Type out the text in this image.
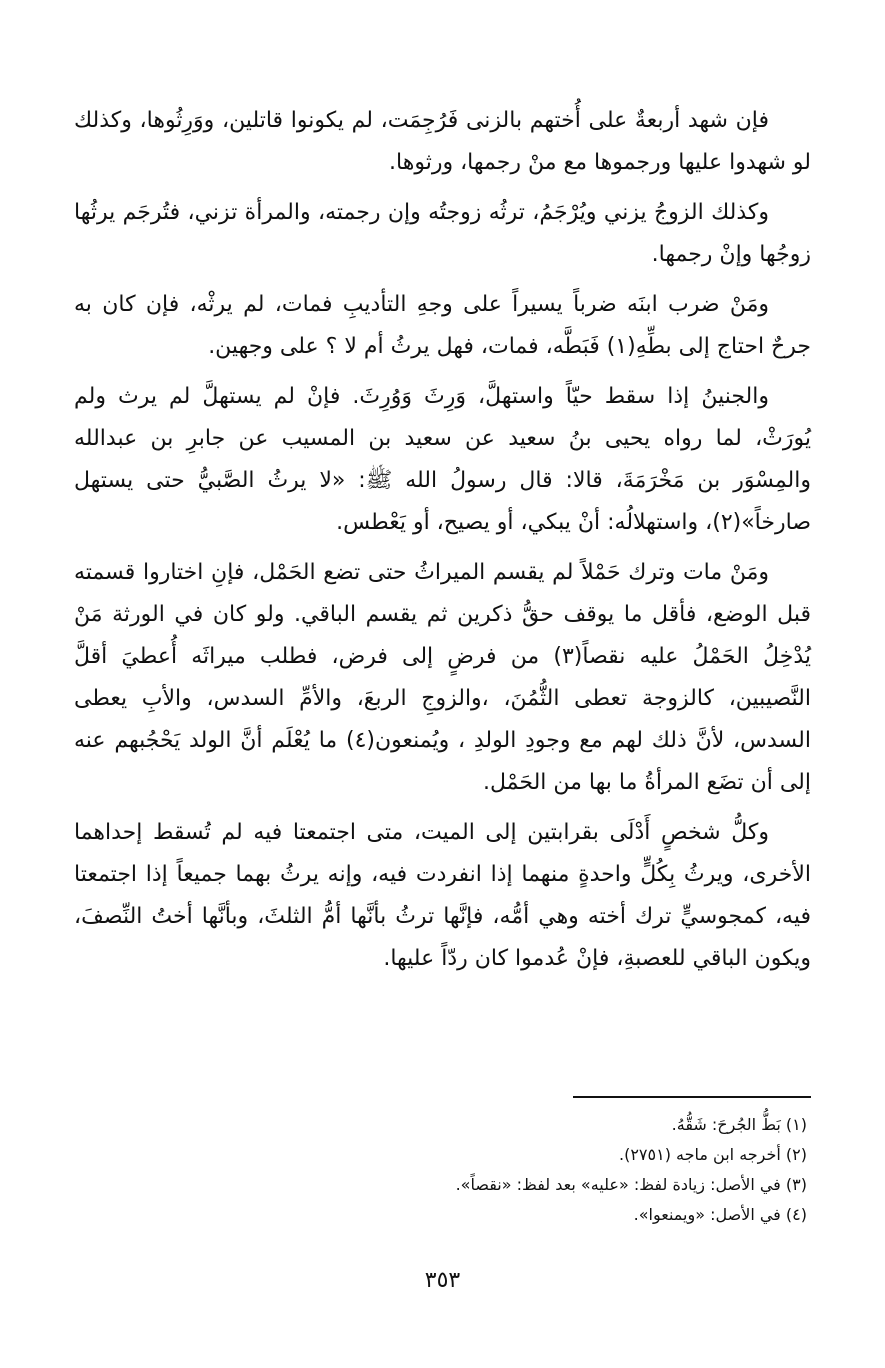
فإن شهد أربعةٌ على أُختهم بالزنى فَرُجِمَت، لم يكونوا قاتلين، ووَرِثُوها، وكذلك لو شهدوا عليها ورجموها مع منْ رجمها، ورثوها.

وكذلك الزوجُ يزني ويُرْجَمُ، ترثُه زوجتُه وإن رجمته، والمرأة تزني، فتُرجَم يرثُها زوجُها وإنْ رجمها.

ومَنْ ضرب ابنَه ضرباً يسيراً على وجهِ التأديبِ فمات، لم يرثْه، فإن كان به جرحٌ احتاج إلى بطِّهِ(١) فَبَطَّه، فمات، فهل يرثُ أم لا ؟ على وجهين.

والجنينُ إذا سقط حيّاً واستهلَّ، وَرِثَ وَوُرِثَ. فإنْ لم يستهلَّ لم يرث ولم يُورَثْ، لما رواه يحيى بنُ سعيد عن سعيد بن المسيب عن جابرِ بن عبدالله والمِسْوَر بن مَخْرَمَةَ، قالا: قال رسولُ الله ﷺ: «لا يرثُ الصَّبيُّ حتى يستهل صارخاً»(٢)، واستهلالُه: أنْ يبكي، أو يصيح، أو يَعْطس.

ومَنْ مات وترك حَمْلاً لم يقسم الميراثُ حتى تضع الحَمْل، فإنِ اختاروا قسمته قبل الوضع، فأقل ما يوقف حقُّ ذكرين ثم يقسم الباقي. ولو كان في الورثة مَنْ يُدْخِلُ الحَمْلُ عليه نقصاً(٣) من فرضٍ إلى فرض، فطلب ميراثَه أُعطيَ أقلَّ النَّصيبين، كالزوجة تعطى الثُّمُنَ، ،والزوجِ الربعَ، والأمِّ السدس، والأبِ يعطى السدس، لأنَّ ذلك لهم مع وجودِ الولدِ ، ويُمنعون(٤) ما يُعْلَم أنَّ الولد يَحْجُبهم عنه إلى أن تضَع المرأةُ ما بها من الحَمْل.

وكلُّ شخصٍ أَدْلَى بقرابتين إلى الميت، متى اجتمعتا فيه لم تُسقط إحداهما الأخرى، ويرثُ بِكُلٍّ واحدةٍ منهما إذا انفردت فيه، وإنه يرثُ بهما جميعاً إذا اجتمعتا فيه، كمجوسيٍّ ترك أخته وهي أمُّه، فإنَّها ترثُ بأنَّها أمُّ الثلثَ، وبأنَّها أختُ النِّصفَ، ويكون الباقي للعصبةِ، فإنْ عُدموا كان ردّاً عليها.

(١) بَطُّ الجُرحَ: شَقُّهُ.

(٢) أخرجه ابن ماجه (٢٧٥١).

(٣) في الأصل: زيادة لفظ: «عليه» بعد لفظ: «نقصاً».

(٤) في الأصل: «ويمنعوا».

٣٥٣
